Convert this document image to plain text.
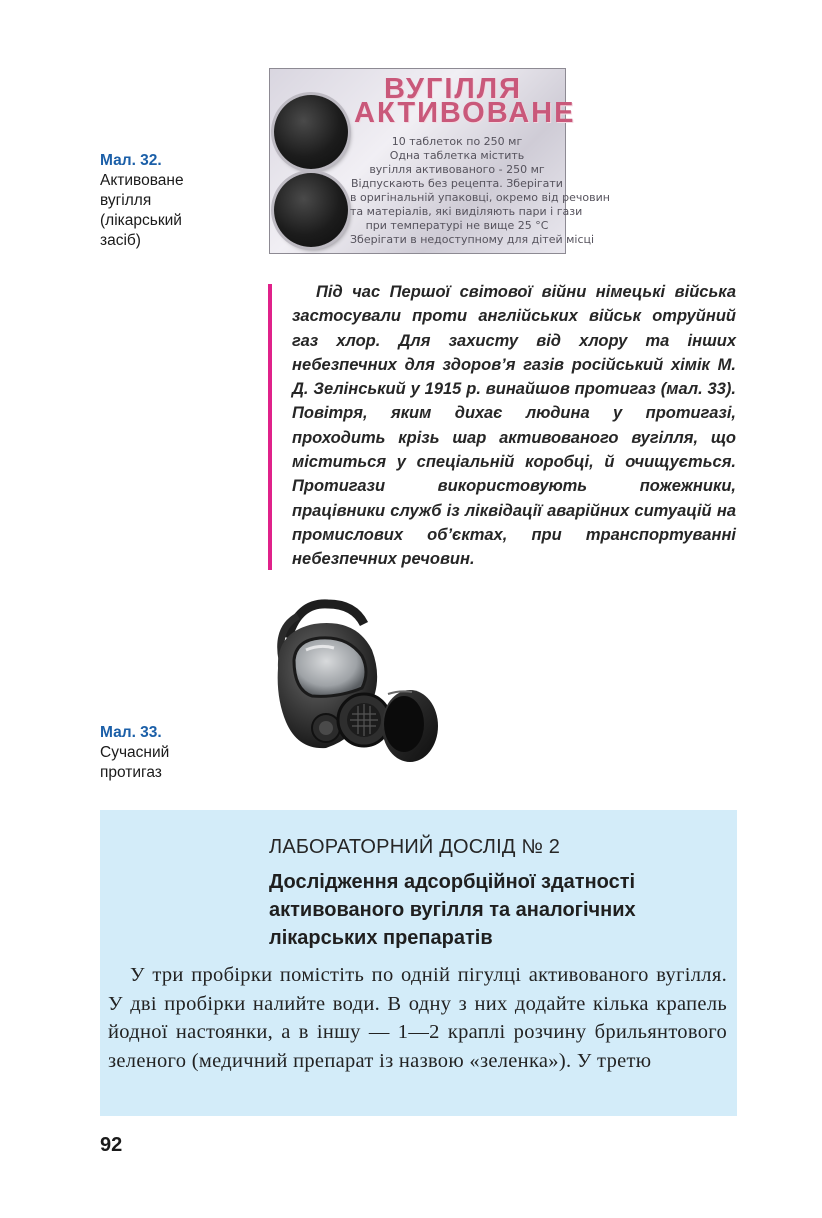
ВУГІЛЛЯ
АКТИВОВАНЕ
10 таблеток по 250 мг
Одна таблетка містить
вугілля активованого - 250 мг
Відпускають без рецепта. Зберігати
в оригінальній упаковці, окремо від речовин
та матеріалів, які виділяють пари і гази
при температурі не вище 25 °С
Зберігати в недоступному для дітей місці
Мал. 32.
Активоване
вугілля
(лікарський
засіб)
Під час Першої світової війни німецькі війська застосували проти англійських військ отруйний газ хлор. Для захисту від хлору та інших небезпечних для здоров’я газів російський хімік М. Д. Зелінський у 1915 р. винайшов протигаз (мал. 33). Повітря, яким дихає людина у протигазі, проходить крізь шар активованого вугілля, що міститься у спеціальній коробці, й очищується. Протигази використовують пожежники, працівники служб із ліквідації аварійних ситуацій на промислових об’єктах, при транспортуванні небезпечних речовин.
Мал. 33.
Сучасний
протигаз
ЛАБОРАТОРНИЙ ДОСЛІД № 2
Дослідження адсорбційної здатності активованого вугілля та аналогічних лікарських препаратів
У три пробірки помістіть по одній пігулці активованого вугілля. У дві пробірки налийте води. В одну з них додайте кілька крапель йодної настоянки, а в іншу — 1—2 краплі розчину брильянтового зеленого (медичний препарат із назвою «зеленка»). У третю
92
